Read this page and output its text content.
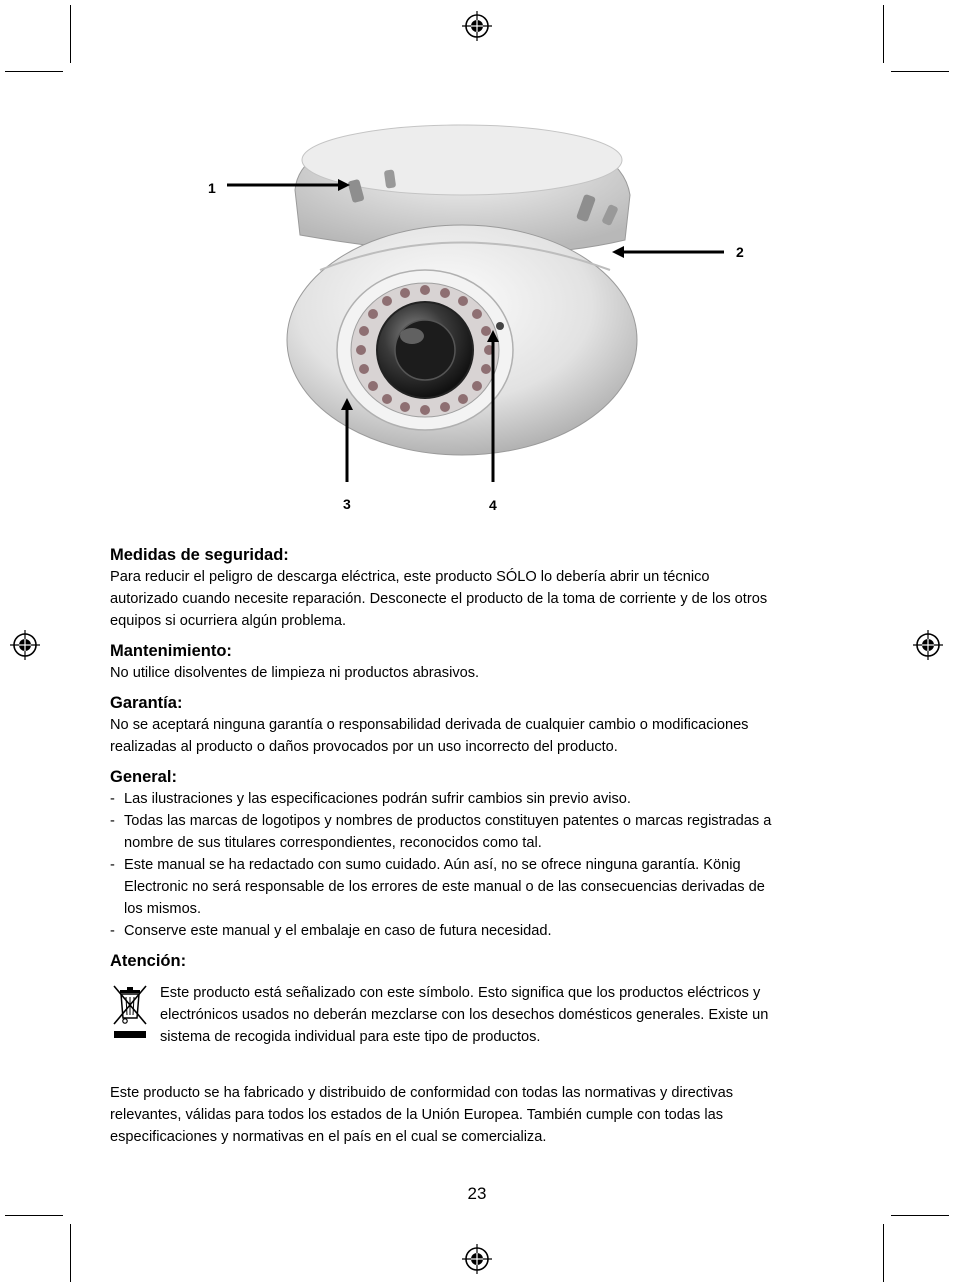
1
2
3	4
Medidas de seguridad:

Para reducir el peligro de descarga eléctrica, este producto SÓLO lo debería abrir un técnico
autorizado cuando necesite reparación. Desconecte el producto de la toma de corriente y de los otros
equipos si ocurriera algún problema.

Mantenimiento:

No utilice disolventes de limpieza ni productos abrasivos.

Garantía:

No se aceptará ninguna garantía o responsabilidad derivada de cualquier cambio o modificaciones
realizadas al producto o daños provocados por un uso incorrecto del producto.

General:
- Las ilustraciones y las especificaciones podrán sufrir cambios sin previo aviso.
- Todas las marcas de logotipos y nombres de productos constituyen patentes o marcas registradas a
nombre de sus titulares correspondientes, reconocidos como tal.
- Este manual se ha redactado con sumo cuidado. Aún así, no se ofrece ninguna garantía. König
Electronic no será responsable de los errores de este manual o de las consecuencias derivadas de
los mismos.
- Conserve este manual y el embalaje en caso de futura necesidad.
Atención:

Este producto está señalizado con este símbolo. Esto significa que los productos eléctricos y
electrónicos usados no deberán mezclarse con los desechos domésticos generales. Existe un
sistema de recogida individual para este tipo de productos.

Este producto se ha fabricado y distribuido de conformidad con todas las normativas y directivas
relevantes, válidas para todos los estados de la Unión Europea. También cumple con todas las
especificaciones y normativas en el país en el cual se comercializa.

23
